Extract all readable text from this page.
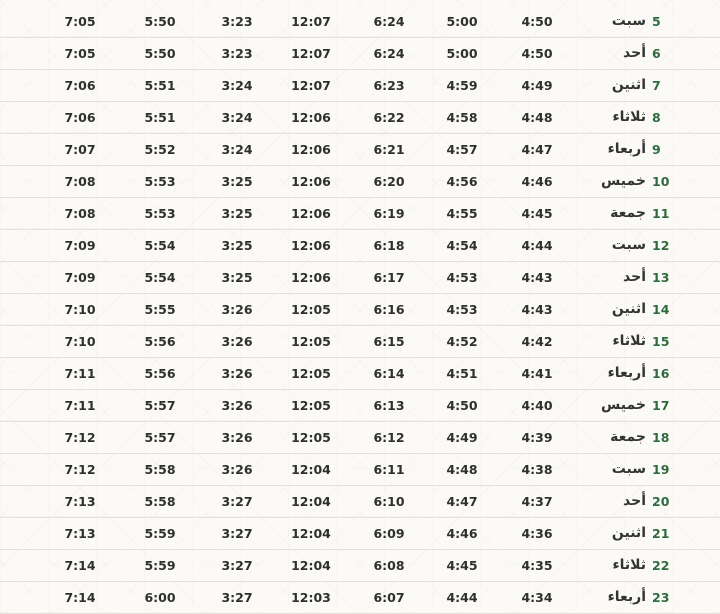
7:05	5:50	3:23	12:07	6:24	5:00	4:50	سبت 5
7:05	5:50	3:23	12:07	6:24	5:00	4:50	أحد 6
7:06	5:51	3:24	12:07	6:23	4:59	4:49	اثنين 7
7:06	5:51	3:24	12:06	6:22	4:58	4:48	ثلاثاء 8
7:07	5:52	3:24	12:06	6:21	4:57	4:47	أربعاء 9
7:08	5:53	3:25	12:06	6:20	4:56	4:46	خميس 10
7:08	5:53	3:25	12:06	6:19	4:55	4:45	جمعة 11
7:09	5:54	3:25	12:06	6:18	4:54	4:44	سبت 12
7:09	5:54	3:25	12:06	6:17	4:53	4:43	أحد 13
7:10	5:55	3:26	12:05	6:16	4:53	4:43	اثنين 14
7:10	5:56	3:26	12:05	6:15	4:52	4:42	ثلاثاء 15
7:11	5:56	3:26	12:05	6:14	4:51	4:41	أربعاء 16
7:11	5:57	3:26	12:05	6:13	4:50	4:40	خميس 17
7:12	5:57	3:26	12:05	6:12	4:49	4:39	جمعة 18
7:12	5:58	3:26	12:04	6:11	4:48	4:38	سبت 19
7:13	5:58	3:27	12:04	6:10	4:47	4:37	أحد 20
7:13	5:59	3:27	12:04	6:09	4:46	4:36	اثنين 21
7:14	5:59	3:27	12:04	6:08	4:45	4:35	ثلاثاء 22
7:14	6:00	3:27	12:03	6:07	4:44	4:34	أربعاء 23
